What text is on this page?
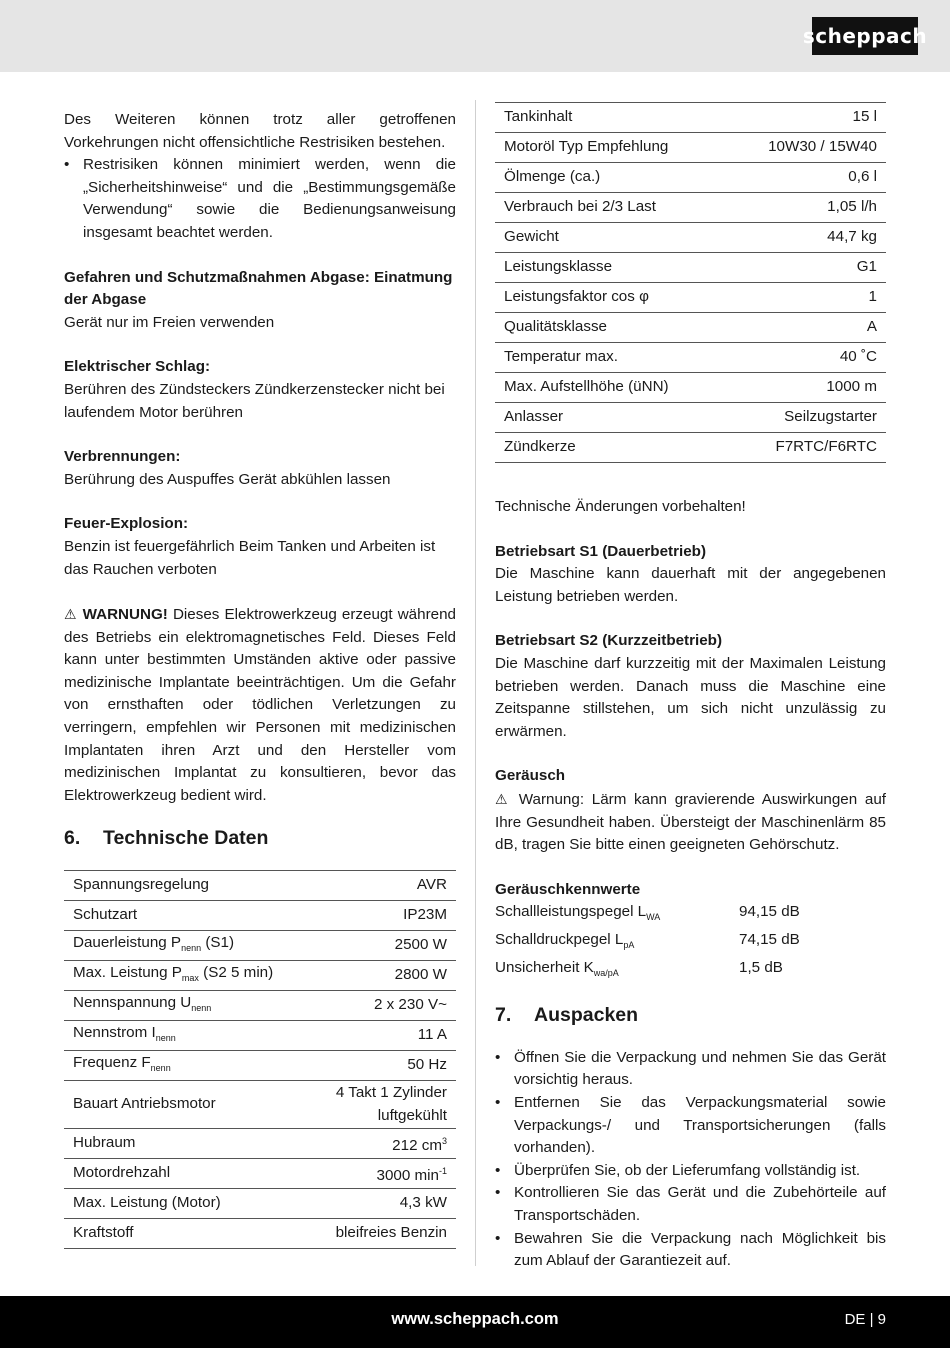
scheppach

Des Weiteren können trotz aller getroffenen Vorkehrungen nicht offensichtliche Restrisiken bestehen.

• Restrisiken können minimiert werden, wenn die „Sicherheitshinweise“ und die „Bestimmungsgemäße Verwendung“ sowie die Bedienungsanweisung insgesamt beachtet werden.

Gefahren und Schutzmaßnahmen Abgase: Einatmung der Abgase

Gerät nur im Freien verwenden

Elektrischer Schlag:

Berühren des Zündsteckers Zündkerzenstecker nicht bei laufendem Motor berühren

Verbrennungen:

Berührung des Auspuffes Gerät abkühlen lassen

Feuer-Explosion:

Benzin ist feuergefährlich Beim Tanken und Arbeiten ist das Rauchen verboten

⚠ WARNUNG! Dieses Elektrowerkzeug erzeugt während des Betriebs ein elektromagnetisches Feld. Dieses Feld kann unter bestimmten Umständen aktive oder passive medizinische Implantate beeinträchtigen. Um die Gefahr von ernsthaften oder tödlichen Verletzungen zu verringern, empfehlen wir Personen mit medizinischen Implantaten ihren Arzt und den Hersteller vom medizinischen Implantat zu konsultieren, bevor das Elektrowerkzeug bedient wird.

6.	Technische Daten
Spannungsregelung	AVR
Schutzart	IP23M
Dauerleistung $P_{nenn}$ (S1)	2500 W
Max. Leistung $P_{max}$ (S2 5 min)	2800 W
Nennspannung $U_{nenn}$	2 x 230 V~
Nennstrom $I_{nenn}$	11 A
Frequenz $F_{nenn}$	50 Hz
Bauart Antriebsmotor	4 Takt 1 Zylinder
luftgekühlt
Hubraum	212 $cm^3$
Motordrehzahl	3000 $\min^{-1}$
Max. Leistung (Motor)	4,3 kW
Kraftstoff	bleifreies Benzin
Tankinhalt	15 l
Motoröl Typ Empfehlung	10W30 / 15W40
Ölmenge (ca.)	0,6 l
Verbrauch bei 2/3 Last	1,05 l/h
Gewicht	44,7 kg
Leistungsklasse	G1
Leistungsfaktor cos φ	1
Qualitätsklasse	A
Temperatur max.	40 ˚C
Max. Aufstellhöhe (üNN)	1000 m
Anlasser	Seilzugstarter
Zündkerze	F7RTC/F6RTC

Technische Änderungen vorbehalten!

Betriebsart S1 (Dauerbetrieb)

Die Maschine kann dauerhaft mit der angegebenen Leistung betrieben werden.

Betriebsart S2 (Kurzzeitbetrieb)

Die Maschine darf kurzzeitig mit der Maximalen Leistung betrieben werden. Danach muss die Maschine eine Zeitspanne stillstehen, um sich nicht unzulässig zu erwärmen.

Geräusch

⚠ Warnung: Lärm kann gravierende Auswirkungen auf Ihre Gesundheit haben. Übersteigt der Maschinenlärm 85 dB, tragen Sie bitte einen geeigneten Gehörschutz.

Geräuschkennwerte

Schallleistungspegel $L_{WA}$	94,15 dB
Schalldruckpegel $L_{pA}$	74,15 dB
Unsicherheit $K_{wa/pA}$	1,5 dB
7.	Auspacken
• Öffnen Sie die Verpackung und nehmen Sie das Gerät vorsichtig heraus.
• Entfernen Sie das Verpackungsmaterial sowie Verpackungs-/ und Transportsicherungen (falls vorhanden).
• Überprüfen Sie, ob der Lieferumfang vollständig ist.
• Kontrollieren Sie das Gerät und die Zubehörteile auf Transportschäden.
• Bewahren Sie die Verpackung nach Möglichkeit bis zum Ablauf der Garantiezeit auf.
www.scheppach.com	DE | 9
